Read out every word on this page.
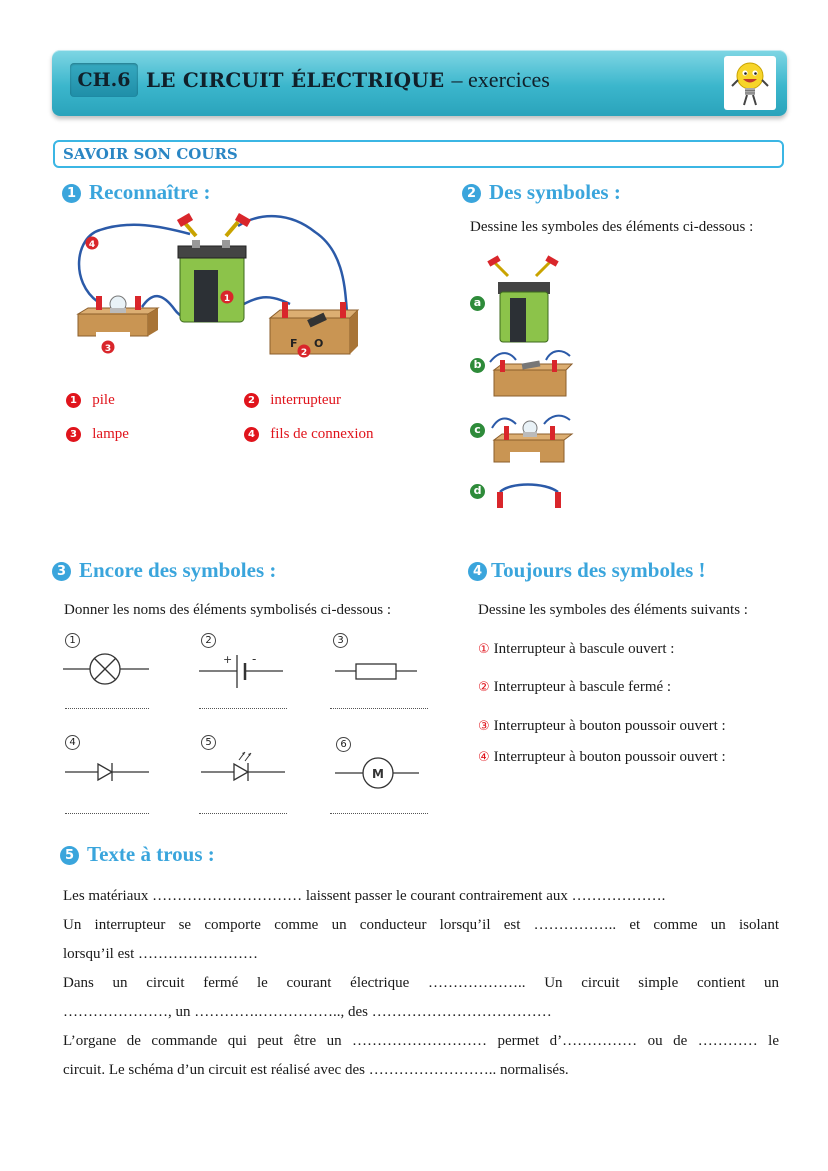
CH.6 LE CIRCUIT ÉLECTRIQUE – exercices
SAVOIR SON COURS
1 Reconnaître :
F O
1
2
3
4
1 pile	2 interrupteur
3 lampe	4 fils de connexion
2 Des symboles :
Dessine les symboles des éléments ci-dessous :
a
b
c
d
3 Encore des symboles :
Donner les noms des éléments symbolisés ci-dessous :
1	2
+ -
3
4	5	6
M
4 Toujours des symboles !
Dessine les symboles des éléments suivants :
① Interrupteur à bascule ouvert :
② Interrupteur à bascule fermé :
③ Interrupteur à bouton poussoir ouvert :
④ Interrupteur à bouton poussoir ouvert :
5 Texte à trous :
Les matériaux ………………………… laissent passer le courant contrairement aux ……………….
Un interrupteur se comporte comme un conducteur lorsqu’il est …………….. et comme un isolant
lorsqu’il est ……………………
Dans un circuit fermé le courant électrique ……………….. Un circuit simple contient un
…………………, un ………….…………….., des ………………………………
L’organe de commande qui peut être un ……………………… permet d’…………… ou de ………… le
circuit. Le schéma d’un circuit est réalisé avec des …………………….. normalisés.
